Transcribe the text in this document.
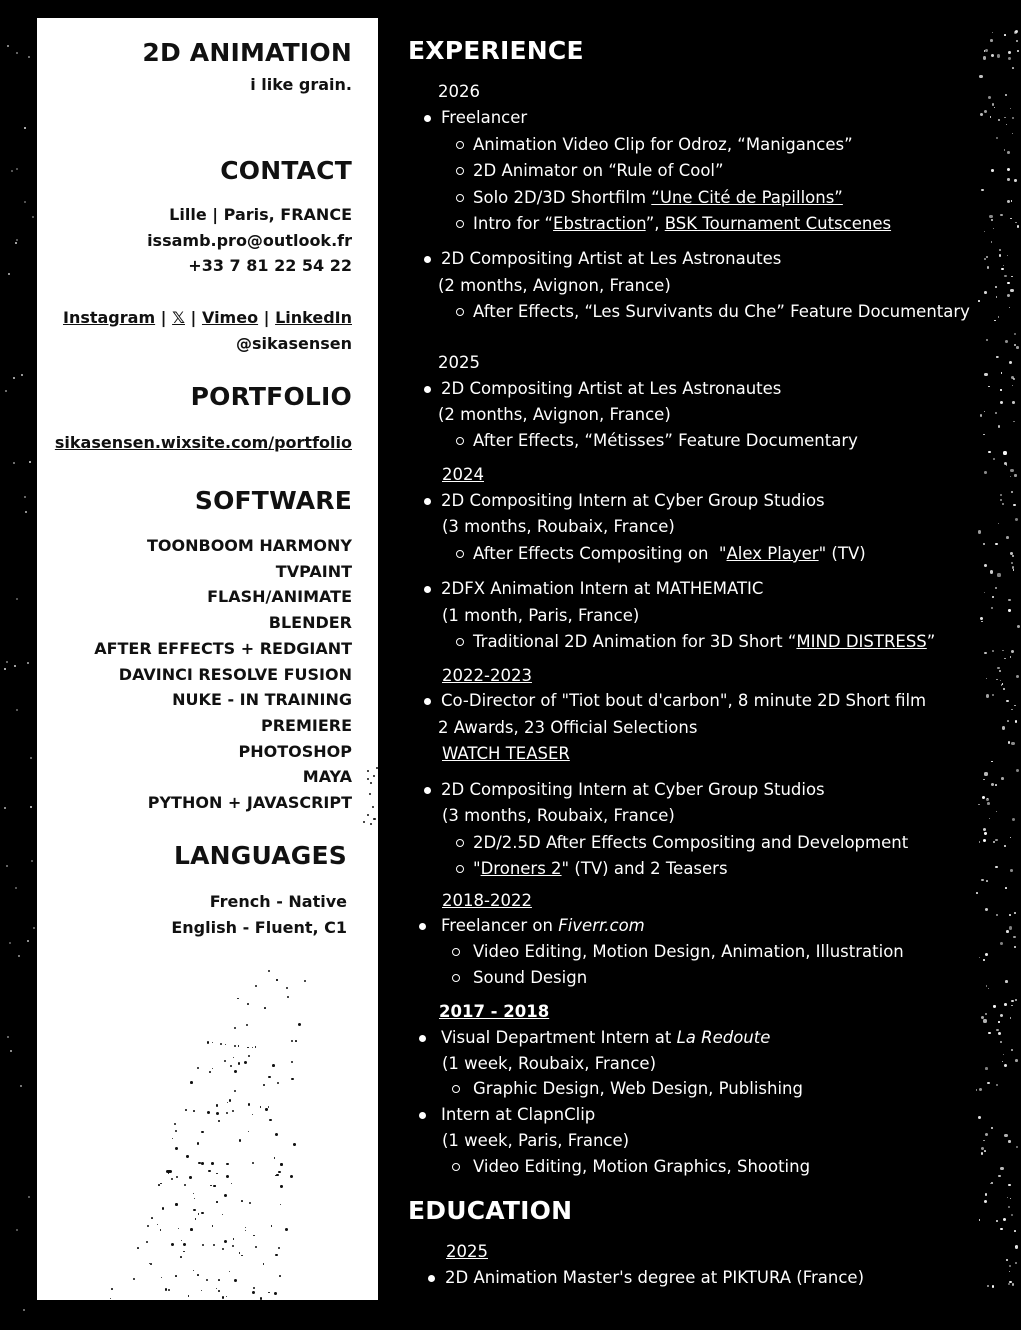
2D ANIMATION
i like grain.
CONTACT
Lille | Paris, FRANCE
issamb.pro@outlook.fr
+33 7 81 22 54 22
Instagram | 𝕏 | Vimeo | LinkedIn
@sikasensen
PORTFOLIO
sikasensen.wixsite.com/portfolio
SOFTWARE
TOONBOOM HARMONY
TVPAINT
FLASH/ANIMATE
BLENDER
AFTER EFFECTS + REDGIANT
DAVINCI RESOLVE FUSION
NUKE - IN TRAINING
PREMIERE
PHOTOSHOP
MAYA
PYTHON + JAVASCRIPT
LANGUAGES
French - Native
English - Fluent, C1
EXPERIENCE
2026
Freelancer
Animation Video Clip for Odroz, “Manigances”
2D Animator on “Rule of Cool”
Solo 2D/3D Shortfilm “Une Cité de Papillons”
Intro for “Ebstraction”, BSK Tournament Cutscenes
2D Compositing Artist at Les Astronautes
(2 months, Avignon, France)
After Effects, “Les Survivants du Che” Feature Documentary
2025
2D Compositing Artist at Les Astronautes
(2 months, Avignon, France)
After Effects, “Métisses” Feature Documentary
2024
2D Compositing Intern at Cyber Group Studios
(3 months, Roubaix, France)
After Effects Compositing on  "Alex Player" (TV)
2DFX Animation Intern at MATHEMATIC
(1 month, Paris, France)
Traditional 2D Animation for 3D Short “MIND DISTRESS”
2022-2023
Co-Director of "Tiot bout d'carbon", 8 minute 2D Short film
2 Awards, 23 Official Selections
WATCH TEASER
2D Compositing Intern at Cyber Group Studios
(3 months, Roubaix, France)
2D/2.5D After Effects Compositing and Development
"Droners 2" (TV) and 2 Teasers
2018-2022
Freelancer on Fiverr.com
Video Editing, Motion Design, Animation, Illustration
Sound Design
2017 - 2018
Visual Department Intern at La Redoute
(1 week, Roubaix, France)
Graphic Design, Web Design, Publishing
Intern at ClapnClip
(1 week, Paris, France)
Video Editing, Motion Graphics, Shooting
EDUCATION
2025
2D Animation Master's degree at PIKTURA (France)
